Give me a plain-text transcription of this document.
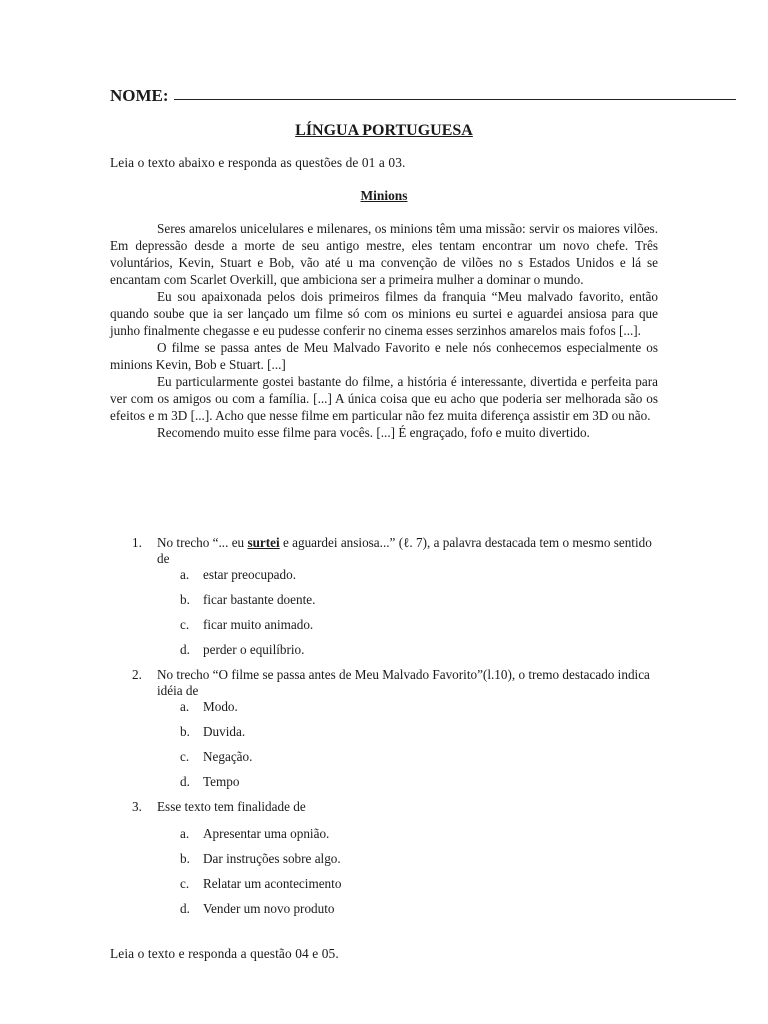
NOME:
LÍNGUA PORTUGUESA
Leia o texto abaixo e responda as questões de 01 a 03.
Minions

Seres amarelos unicelulares e milenares, os minions têm uma missão: servir os maiores vilões. Em depressão desde a morte de seu antigo mestre, eles tentam encontrar um novo chefe. Três voluntários, Kevin, Stuart e Bob, vão até u ma convenção de vilões no s Estados Unidos e lá se encantam com Scarlet Overkill, que ambiciona ser a primeira mulher a dominar o mundo.

Eu sou apaixonada pelos dois primeiros filmes da franquia “Meu malvado favorito, então quando soube que ia ser lançado um filme só com os minions eu surtei e aguardei ansiosa para que junho finalmente chegasse e eu pudesse conferir no cinema esses serzinhos amarelos mais fofos [...].

O filme se passa antes de Meu Malvado Favorito e nele nós conhecemos especialmente os minions Kevin, Bob e Stuart. [...]

Eu particularmente gostei bastante do filme, a história é interessante, divertida e perfeita para ver com os amigos ou com a família. [...] A única coisa que eu acho que poderia ser melhorada são os efeitos e m 3D [...]. Acho que nesse filme em particular não fez muita diferença assistir em 3D ou não.

Recomendo muito esse filme para vocês. [...] É engraçado, fofo e muito divertido.

1. No trecho “... eu surtei e aguardei ansiosa...” (ℓ. 7), a palavra destacada tem o mesmo sentido de
a. estar preocupado.
b. ficar bastante doente.
c. ficar muito animado.
d. perder o equilíbrio.
2. No trecho “O filme se passa antes de Meu Malvado Favorito”(l.10), o tremo destacado indica idéia de
a. Modo.
b. Duvida.
c. Negação.
d. Tempo
3. Esse texto tem finalidade de
a. Apresentar uma opnião.
b. Dar instruções sobre algo.
c. Relatar um acontecimento
d. Vender um novo produto
Leia o texto e responda a questão 04 e 05.
